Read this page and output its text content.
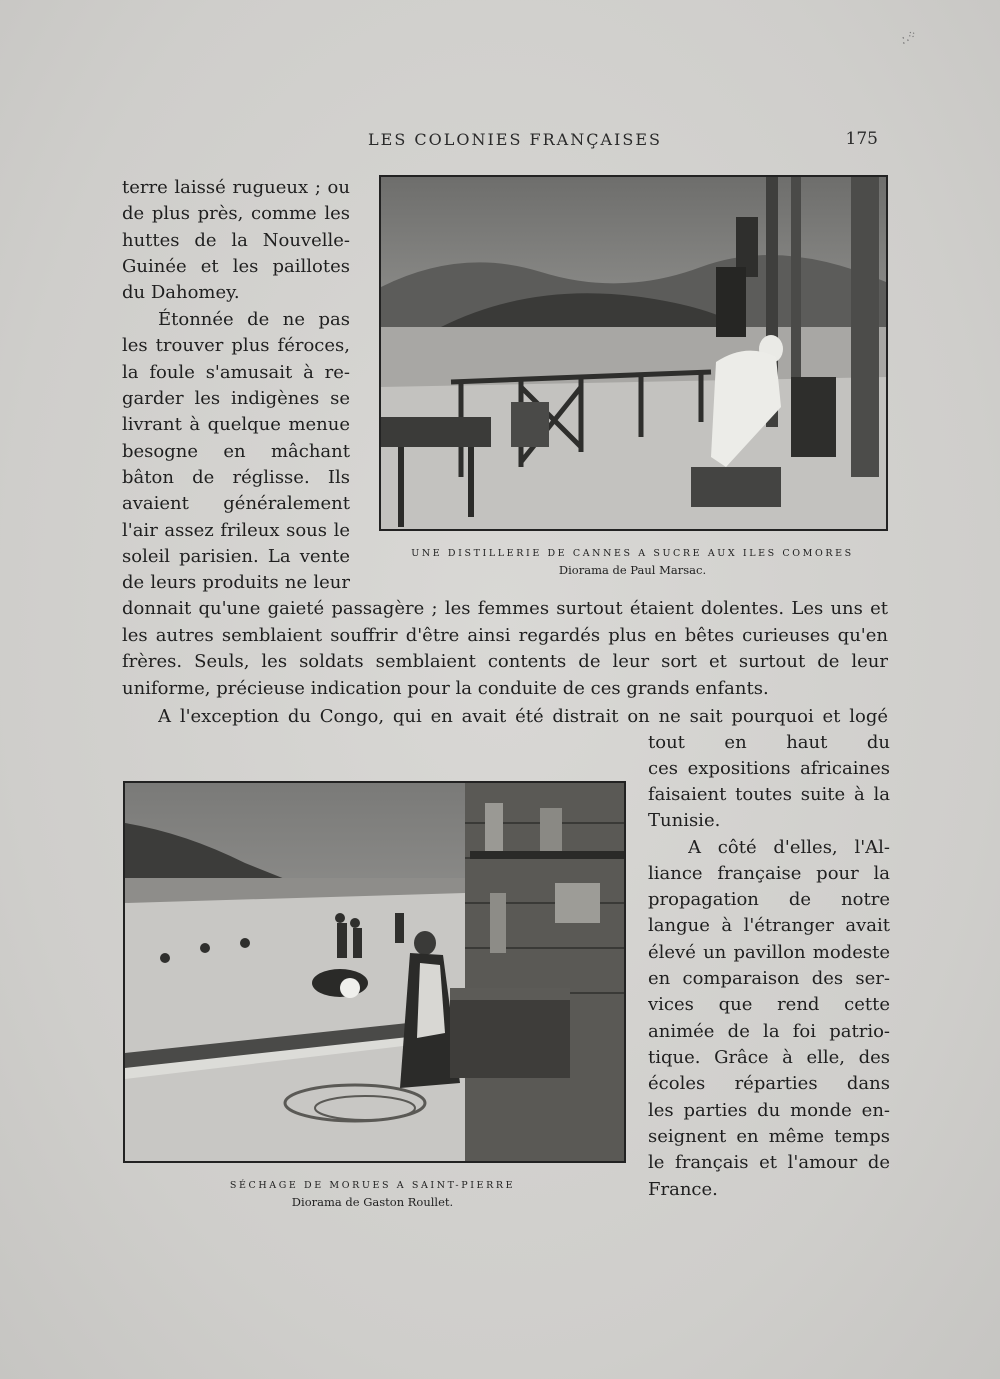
LES COLONIES FRANÇAISES	175
∴⁘
terre laissé rugueux ; ou
de plus près, comme les
huttes de la Nouvelle-
Guinée et les paillotes
du Dahomey.
Étonnée de ne pas
les trouver plus féroces,
la foule s'amusait à re-
garder les indigènes se
livrant à quelque menue
besogne en mâchant
bâton de réglisse. Ils
avaient généralement
l'air assez frileux sous le
soleil parisien. La vente
de leurs produits ne leur
UNE DISTILLERIE DE CANNES A SUCRE AUX ILES COMORES
Diorama de Paul Marsac.
donnait qu'une gaieté passagère ; les femmes surtout étaient dolentes. Les uns et
les autres semblaient souffrir d'être ainsi regardés plus en bêtes curieuses qu'en
frères. Seuls, les soldats semblaient contents de leur sort et surtout de leur
uniforme, précieuse indication pour la conduite de ces grands enfants.
A l'exception du Congo, qui en avait été distrait on ne sait pourquoi et logé
SÉCHAGE DE MORUES A SAINT-PIERRE
Diorama de Gaston Roullet.
tout en haut du
ces expositions africaines
faisaient toutes suite à la
Tunisie.
A côté d'elles, l'Al-
liance française pour la
propagation de notre
langue à l'étranger avait
élevé un pavillon modeste
en comparaison des ser-
vices que rend cette
animée de la foi patrio-
tique. Grâce à elle, des
écoles réparties dans
les parties du monde en-
seignent en même temps
le français et l'amour de
France.
